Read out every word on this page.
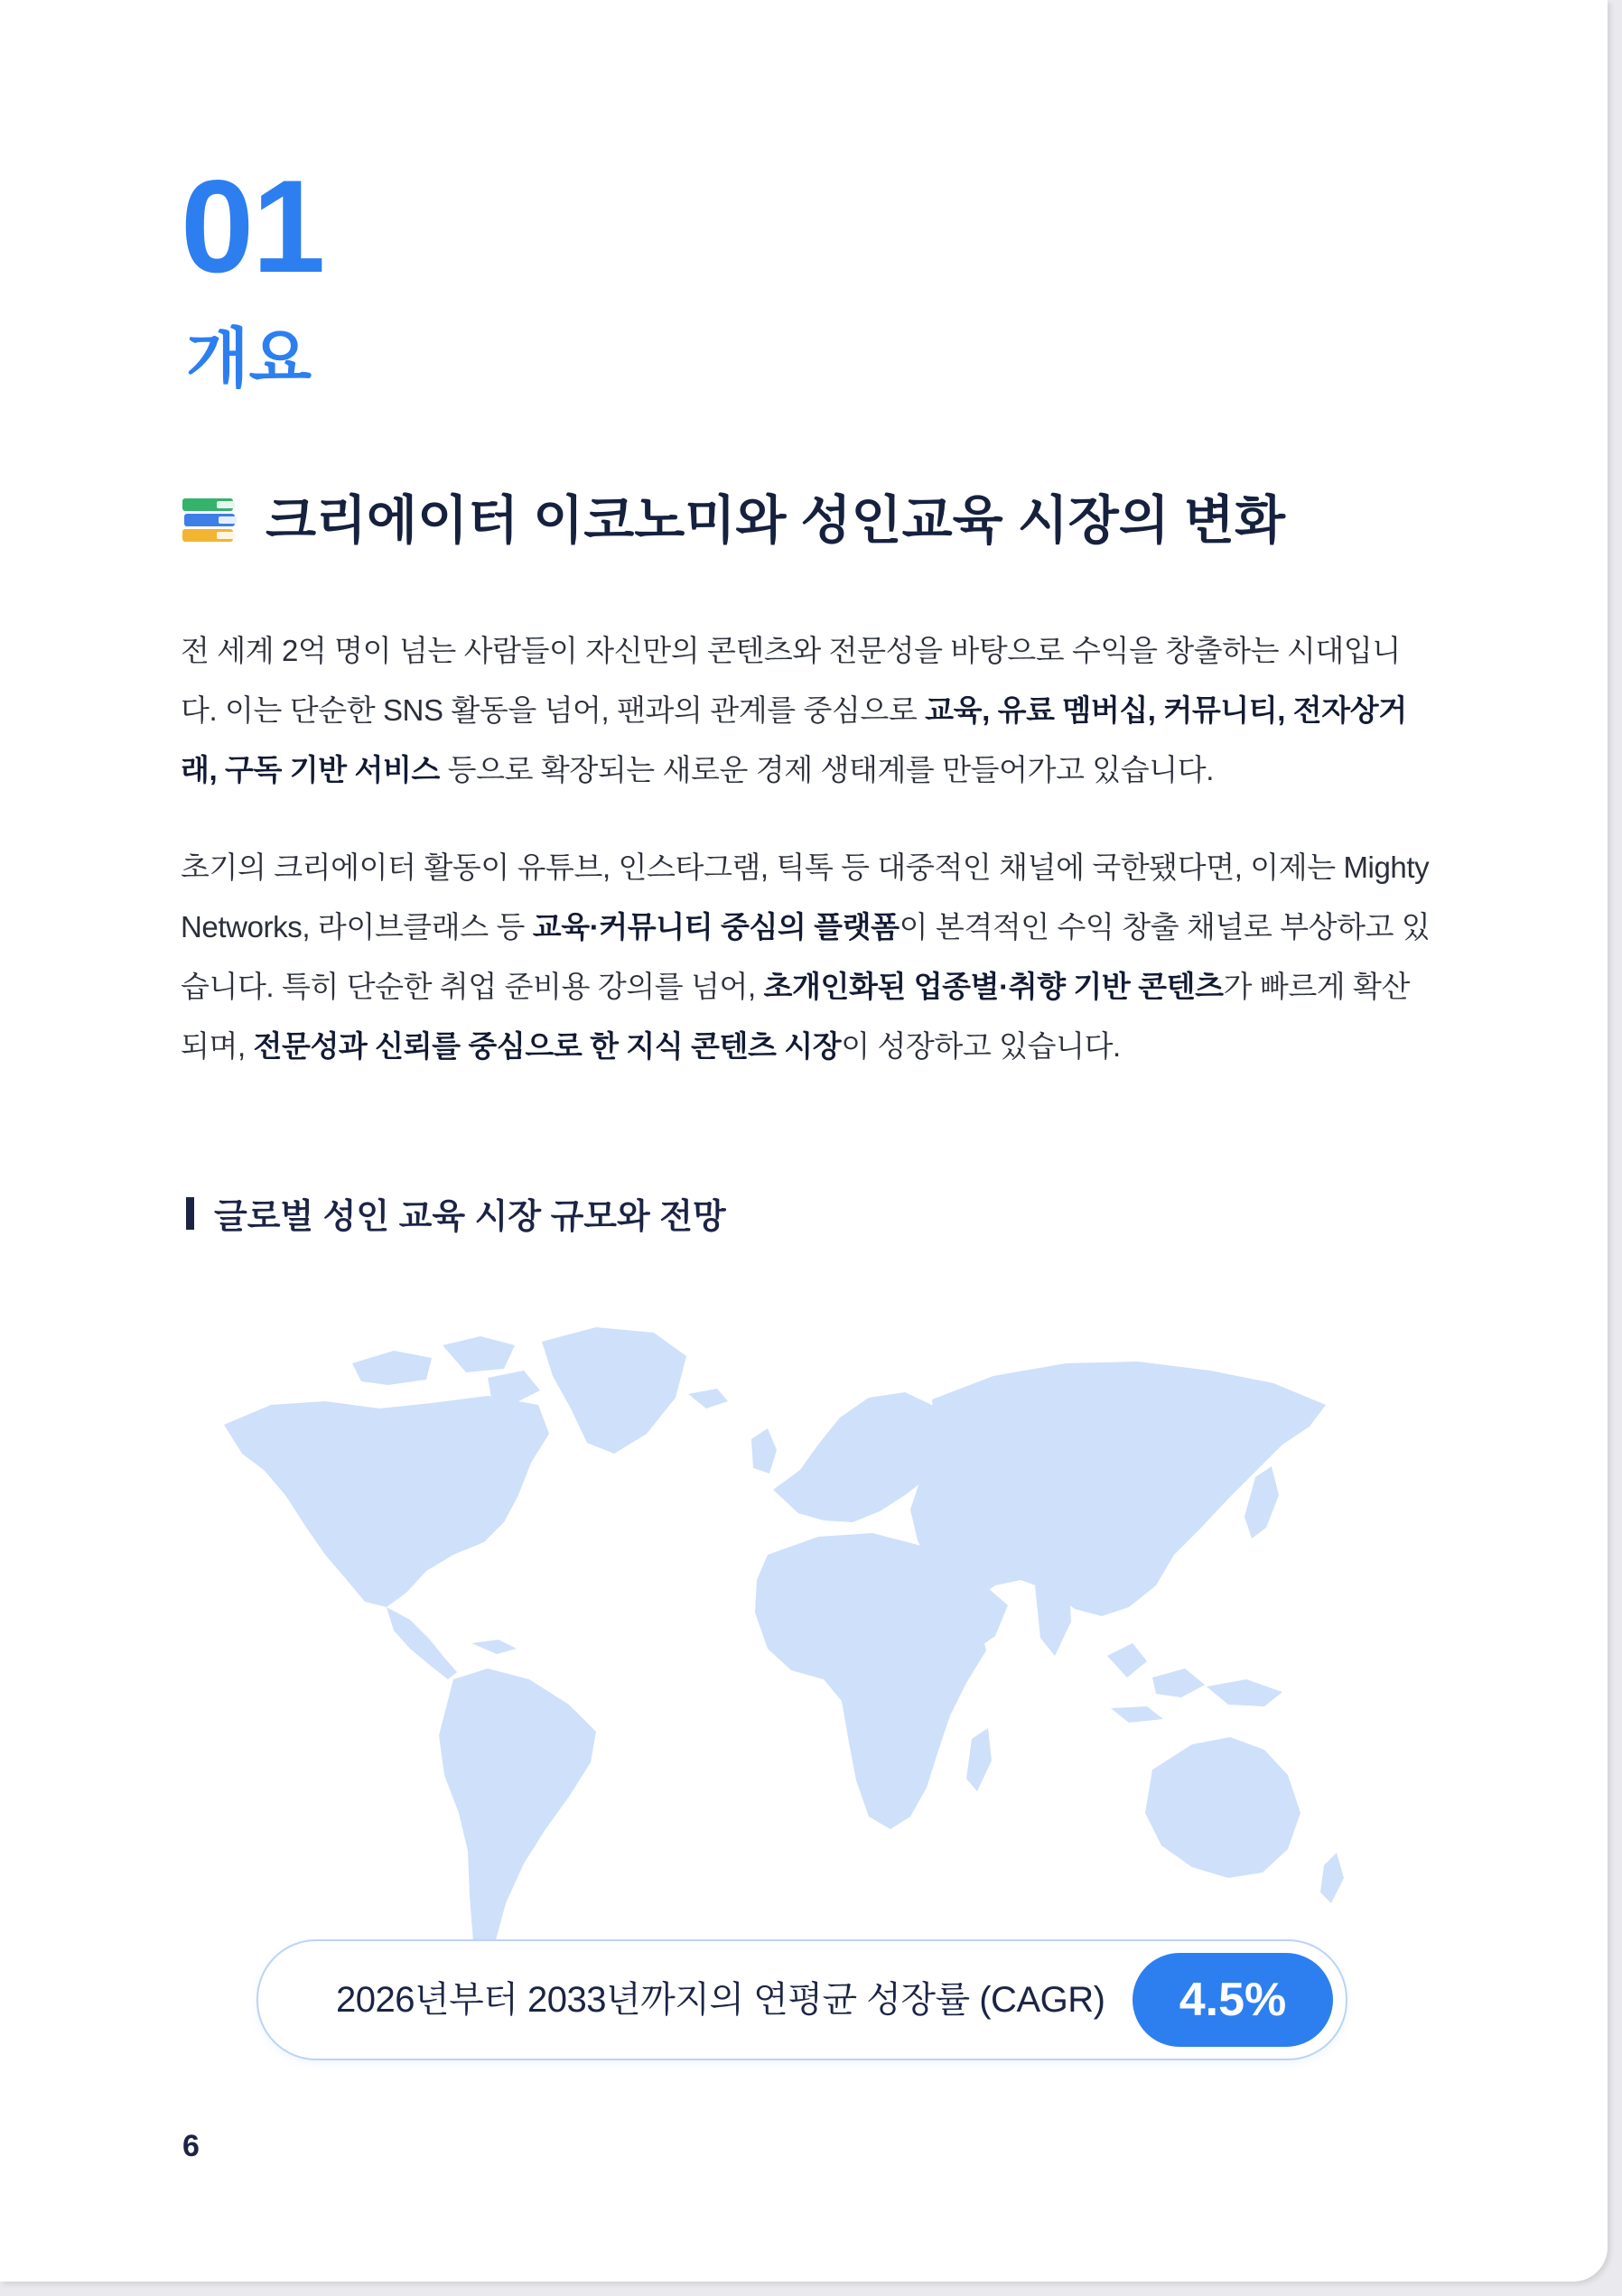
01
개요
크리에이터 이코노미와 성인교육 시장의 변화

전 세계 2억 명이 넘는 사람들이 자신만의 콘텐츠와 전문성을 바탕으로 수익을 창출하는 시대입니다. 이는 단순한 SNS 활동을 넘어, 팬과의 관계를 중심으로 교육, 유료 멤버십, 커뮤니티, 전자상거래, 구독 기반 서비스 등으로 확장되는 새로운 경제 생태계를 만들어가고 있습니다.

초기의 크리에이터 활동이 유튜브, 인스타그램, 틱톡 등 대중적인 채널에 국한됐다면, 이제는 Mighty Networks, 라이브클래스 등 교육·커뮤니티 중심의 플랫폼이 본격적인 수익 창출 채널로 부상하고 있습니다. 특히 단순한 취업 준비용 강의를 넘어, 초개인화된 업종별·취향 기반 콘텐츠가 빠르게 확산되며, 전문성과 신뢰를 중심으로 한 지식 콘텐츠 시장이 성장하고 있습니다.

글로벌 성인 교육 시장 규모와 전망
2026년부터 2033년까지의 연평균 성장률 (CAGR)	4.5%
6
